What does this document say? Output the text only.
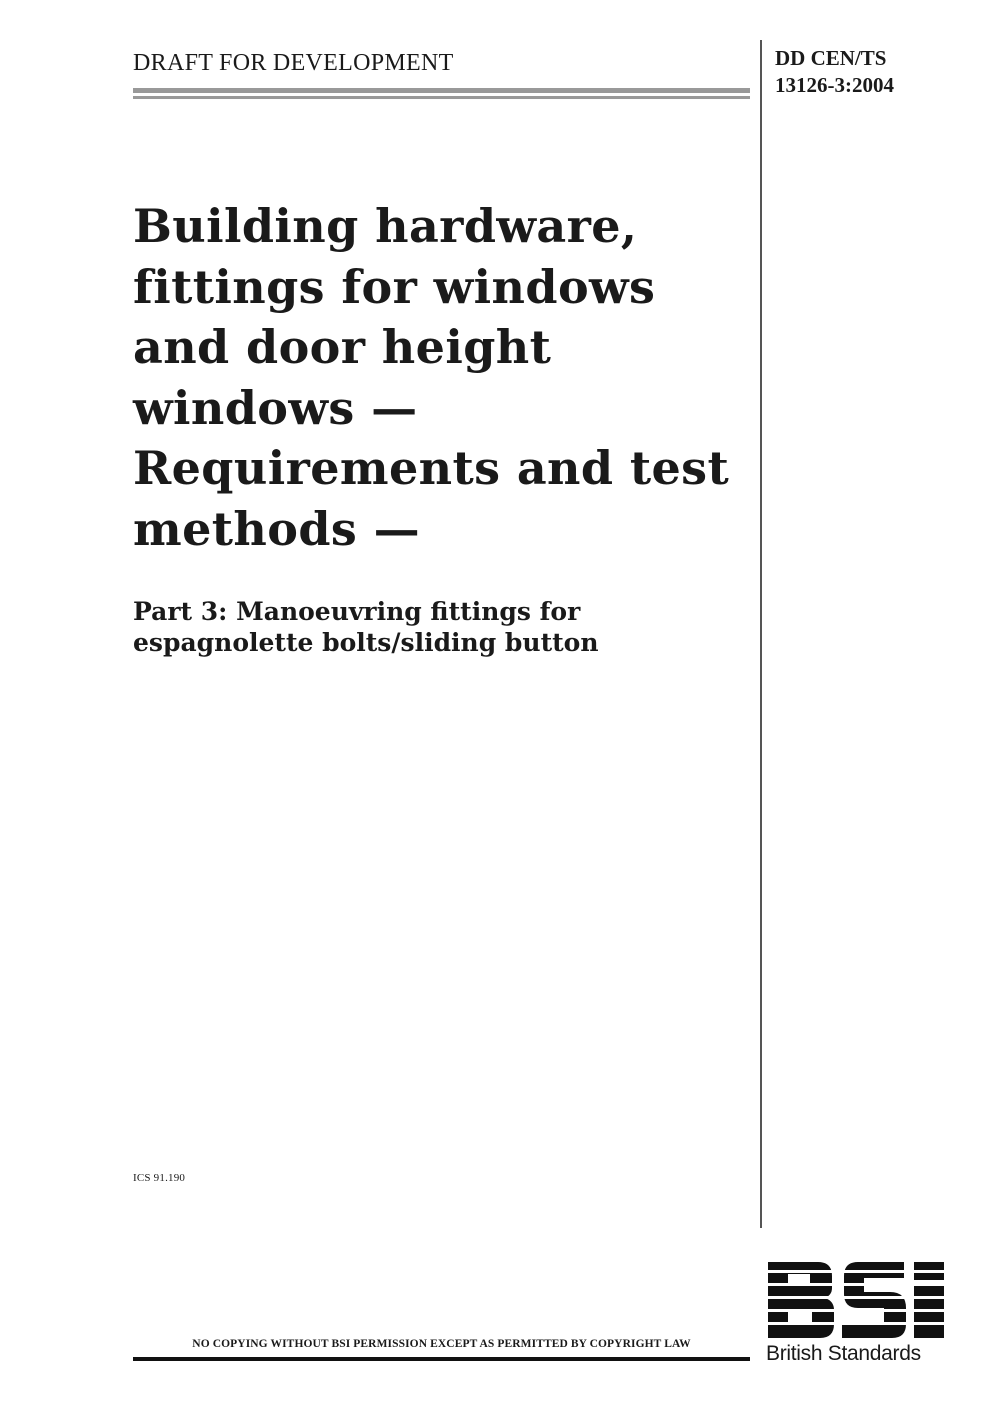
DRAFT FOR DEVELOPMENT	DD CEN/TS
13126-3:2004
Building hardware,
fittings for windows
and door height
windows —
Requirements and test
methods —
Part 3: Manoeuvring fittings for
espagnolette bolts/sliding button
ICS 91.190
NO COPYING WITHOUT BSI PERMISSION EXCEPT AS PERMITTED BY COPYRIGHT LAW	British Standards
